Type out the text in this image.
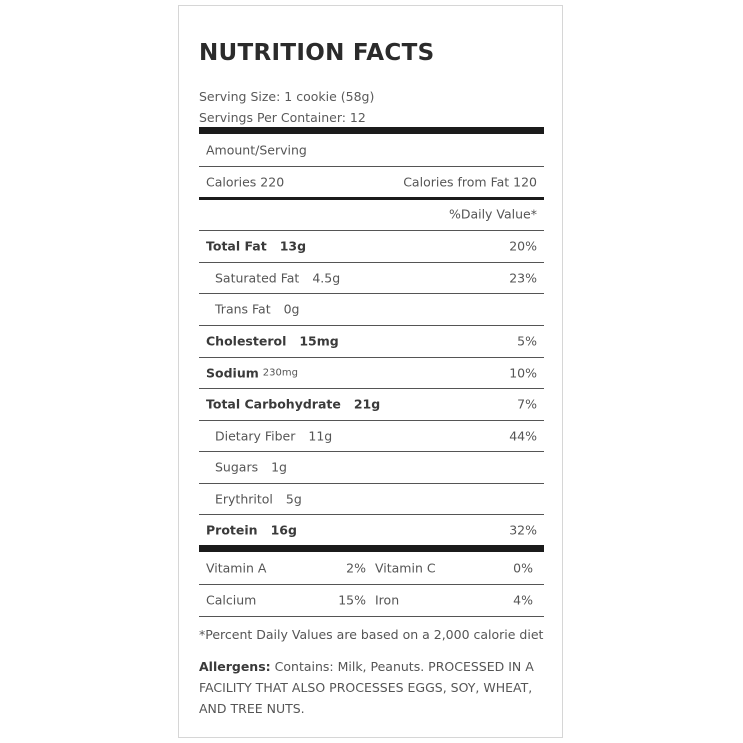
NUTRITION FACTS
Serving Size: 1 cookie (58g)
Servings Per Container: 12
Amount/Serving
Calories 220	Calories from Fat 120
%Daily Value*
Total Fat 13g	20%
Saturated Fat 4.5g	23%
Trans Fat 0g
Cholesterol 15mg	5%
Sodium 230mg	10%
Total Carbohydrate 21g	7%
Dietary Fiber 11g	44%
Sugars 1g
Erythritol 5g
Protein 16g	32%
Vitamin A	2% Vitamin C	0%
Calcium	15% Iron	4%
*Percent Daily Values are based on a 2,000 calorie diet
Allergens: Contains: Milk, Peanuts. PROCESSED IN A FACILITY THAT ALSO PROCESSES EGGS, SOY, WHEAT, AND TREE NUTS.
